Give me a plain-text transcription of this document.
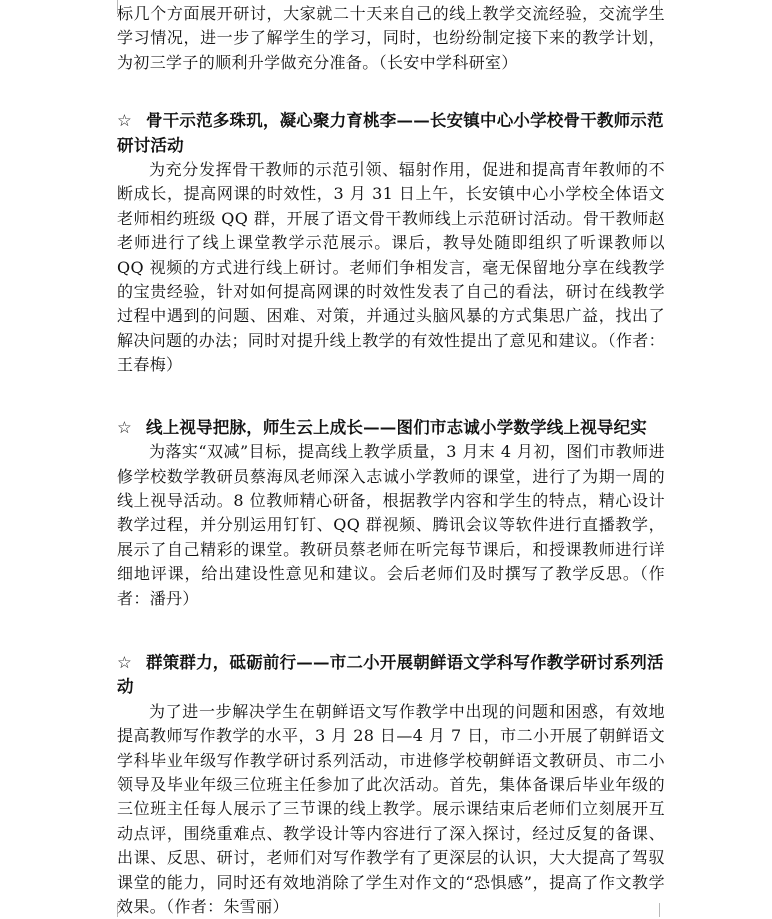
标几个方面展开研讨，大家就二十天来自己的线上教学交流经验，交流学生学习情况，进一步了解学生的学习，同时，也纷纷制定接下来的教学计划，为初三学子的顺利升学做充分准备。（长安中学科研室）

☆ 骨干示范多珠玑，凝心聚力育桃李——长安镇中心小学校骨干教师示范研讨活动

为充分发挥骨干教师的示范引领、辐射作用，促进和提高青年教师的不断成长，提高网课的时效性，3 月 31 日上午，长安镇中心小学校全体语文老师相约班级 QQ 群，开展了语文骨干教师线上示范研讨活动。骨干教师赵老师进行了线上课堂教学示范展示。课后，教导处随即组织了听课教师以 QQ 视频的方式进行线上研讨。老师们争相发言，毫无保留地分享在线教学的宝贵经验，针对如何提高网课的时效性发表了自己的看法，研讨在线教学过程中遇到的问题、困难、对策，并通过头脑风暴的方式集思广益，找出了解决问题的办法；同时对提升线上教学的有效性提出了意见和建议。（作者：王春梅）

☆ 线上视导把脉，师生云上成长——图们市志诚小学数学线上视导纪实

为落实“双减”目标，提高线上教学质量，3 月末 4 月初，图们市教师进修学校数学教研员蔡海凤老师深入志诚小学教师的课堂，进行了为期一周的线上视导活动。8 位教师精心研备，根据教学内容和学生的特点，精心设计教学过程，并分别运用钉钉、QQ 群视频、腾讯会议等软件进行直播教学，展示了自己精彩的课堂。教研员蔡老师在听完每节课后，和授课教师进行详细地评课，给出建设性意见和建议。会后老师们及时撰写了教学反思。（作者：潘丹）

☆ 群策群力，砥砺前行——市二小开展朝鲜语文学科写作教学研讨系列活动

为了进一步解决学生在朝鲜语文写作教学中出现的问题和困惑，有效地提高教师写作教学的水平，3 月 28 日—4 月 7 日，市二小开展了朝鲜语文学科毕业年级写作教学研讨系列活动，市进修学校朝鲜语文教研员、市二小领导及毕业年级三位班主任参加了此次活动。首先，集体备课后毕业年级的三位班主任每人展示了三节课的线上教学。展示课结束后老师们立刻展开互动点评，围绕重难点、教学设计等内容进行了深入探讨，经过反复的备课、出课、反思、研讨，老师们对写作教学有了更深层的认识，大大提高了驾驭课堂的能力，同时还有效地消除了学生对作文的“恐惧感”，提高了作文教学效果。（作者：朱雪丽）
